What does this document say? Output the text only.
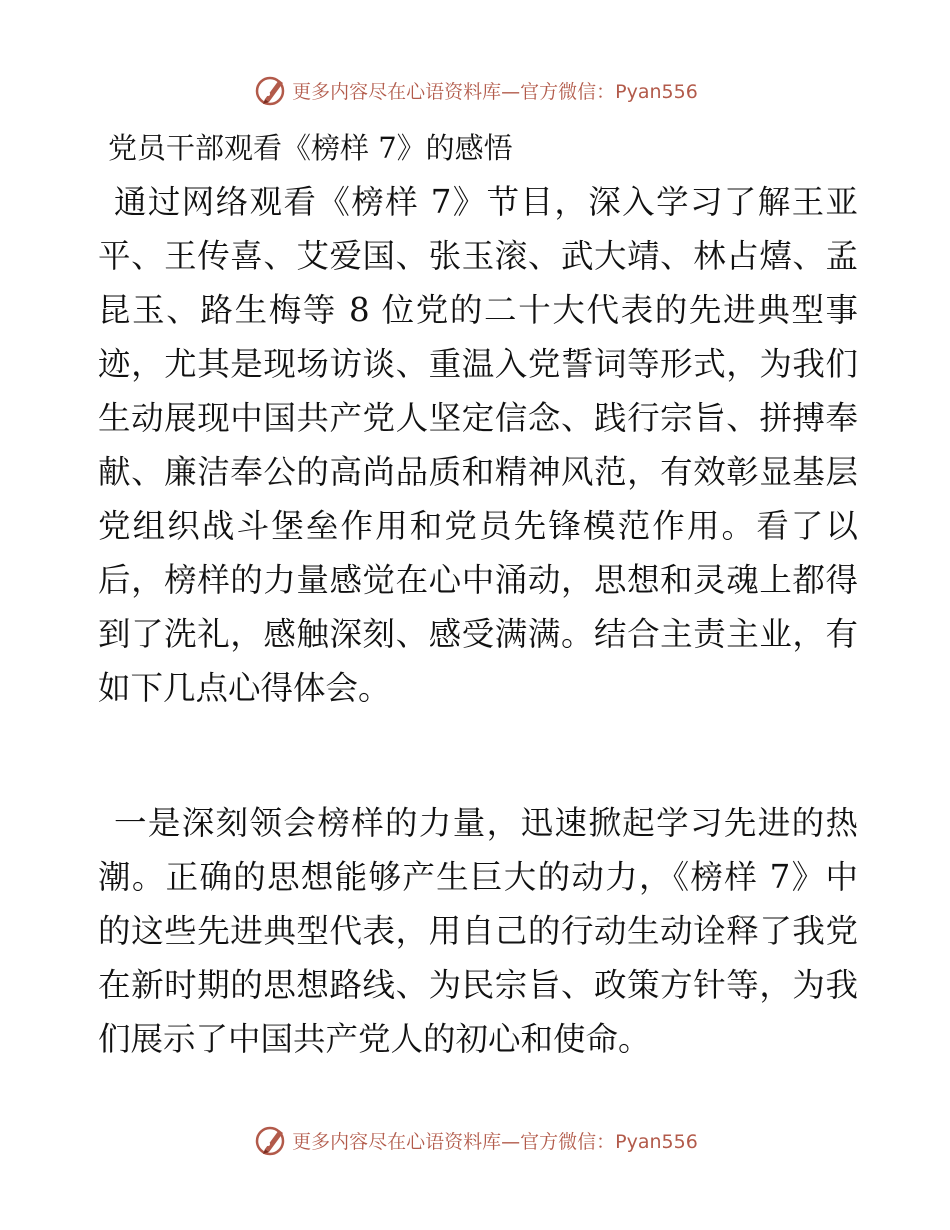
更多内容尽在心语资料库—官方微信：Pyan556
党员干部观看《榜样 7》的感悟

通过网络观看《榜样 7》节目，深入学习了解王亚平、王传喜、艾爱国、张玉滚、武大靖、林占熺、孟昆玉、路生梅等 8 位党的二十大代表的先进典型事迹，尤其是现场访谈、重温入党誓词等形式，为我们生动展现中国共产党人坚定信念、践行宗旨、拼搏奉献、廉洁奉公的高尚品质和精神风范，有效彰显基层党组织战斗堡垒作用和党员先锋模范作用。看了以后，榜样的力量感觉在心中涌动，思想和灵魂上都得到了洗礼，感触深刻、感受满满。结合主责主业，有如下几点心得体会。

一是深刻领会榜样的力量，迅速掀起学习先进的热潮。正确的思想能够产生巨大的动力，《榜样 7》中的这些先进典型代表，用自己的行动生动诠释了我党在新时期的思想路线、为民宗旨、政策方针等，为我们展示了中国共产党人的初心和使命。

更多内容尽在心语资料库—官方微信：Pyan556
